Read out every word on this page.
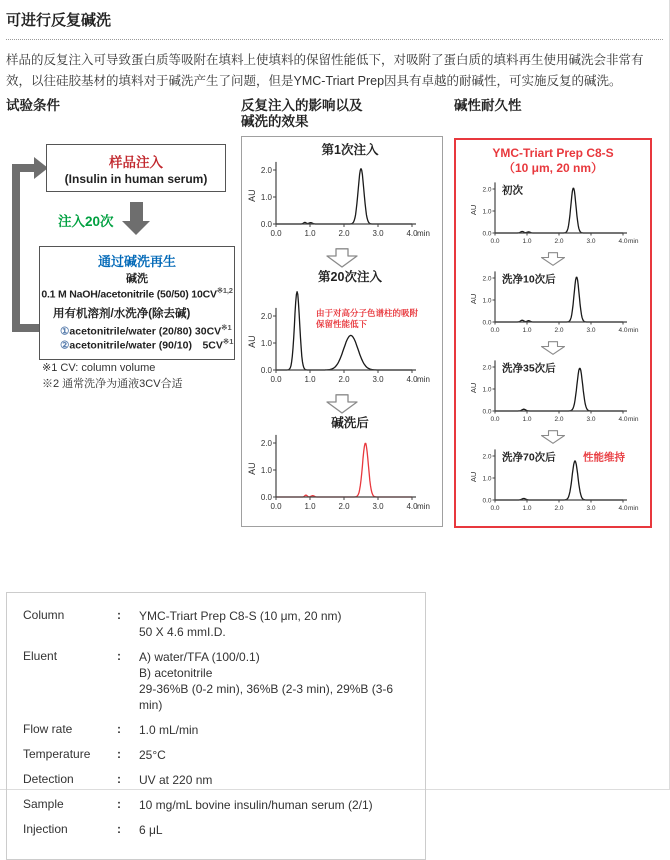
可进行反复碱洗

样品的反复注入可导致蛋白质等吸附在填料上使填料的保留性能低下，对吸附了蛋白质的填料再生使用碱洗会非常有效，以往硅胶基材的填料对于碱洗产生了问题，但是YMC-Triart Prep因具有卓越的耐碱性，可实施反复的碱洗。

试验条件
样品注入
(Insulin in human serum)
注入20次
通过碱洗再生
碱洗
0.1 M NaOH/acetonitrile (50/50) 10CV$^{※1,2}$
用有机溶剂/水洗净(除去碱)
①acetonitrile/water (20/80) 30CV$^{※1}$
②acetonitrile/water (90/10)　5CV$^{※1}$
※1 CV: column volume
※2 通常洗净为通液3CV合适
反复注入的影响以及
碱洗的效果
0.0
1.0
2.0
0.0	1.0	2.0	3.0	4.0 min
AU
第1次注入
0.0
1.0
2.0
0.0	1.0	2.0	3.0	4.0 min
AU
第20次注入
由于对高分子色谱柱的吸附
保留性能低下
0.0
1.0
2.0
0.0	1.0	2.0	3.0	4.0 min
AU
碱洗后
碱性耐久性
YMC-Triart Prep C8-S
（10 μm, 20 nm）
0.0
1.0
2.0
0.0	1.0	2.0	3.0	4.0 min
AU
初次
0.0
1.0
2.0
0.0	1.0	2.0	3.0	4.0 min
AU
洗净10次后
0.0
1.0
2.0
0.0	1.0	2.0	3.0	4.0 min
AU
洗净35次后
0.0
1.0
2.0
0.0	1.0	2.0	3.0	4.0 min
AU
洗净70次后	性能维持
Column	:	YMC-Triart Prep C8-S (10 μm, 20 nm)
50 X 4.6 mmI.D.
Eluent	:	A) water/TFA (100/0.1)
B) acetonitrile
29-36%B (0-2 min), 36%B (2-3 min), 29%B (3-6 min)
Flow rate	:	1.0 mL/min
Temperature	:	25°C
Detection	:	UV at 220 nm
Sample	:	10 mg/mL bovine insulin/human serum (2/1)
Injection	:	6 μL
